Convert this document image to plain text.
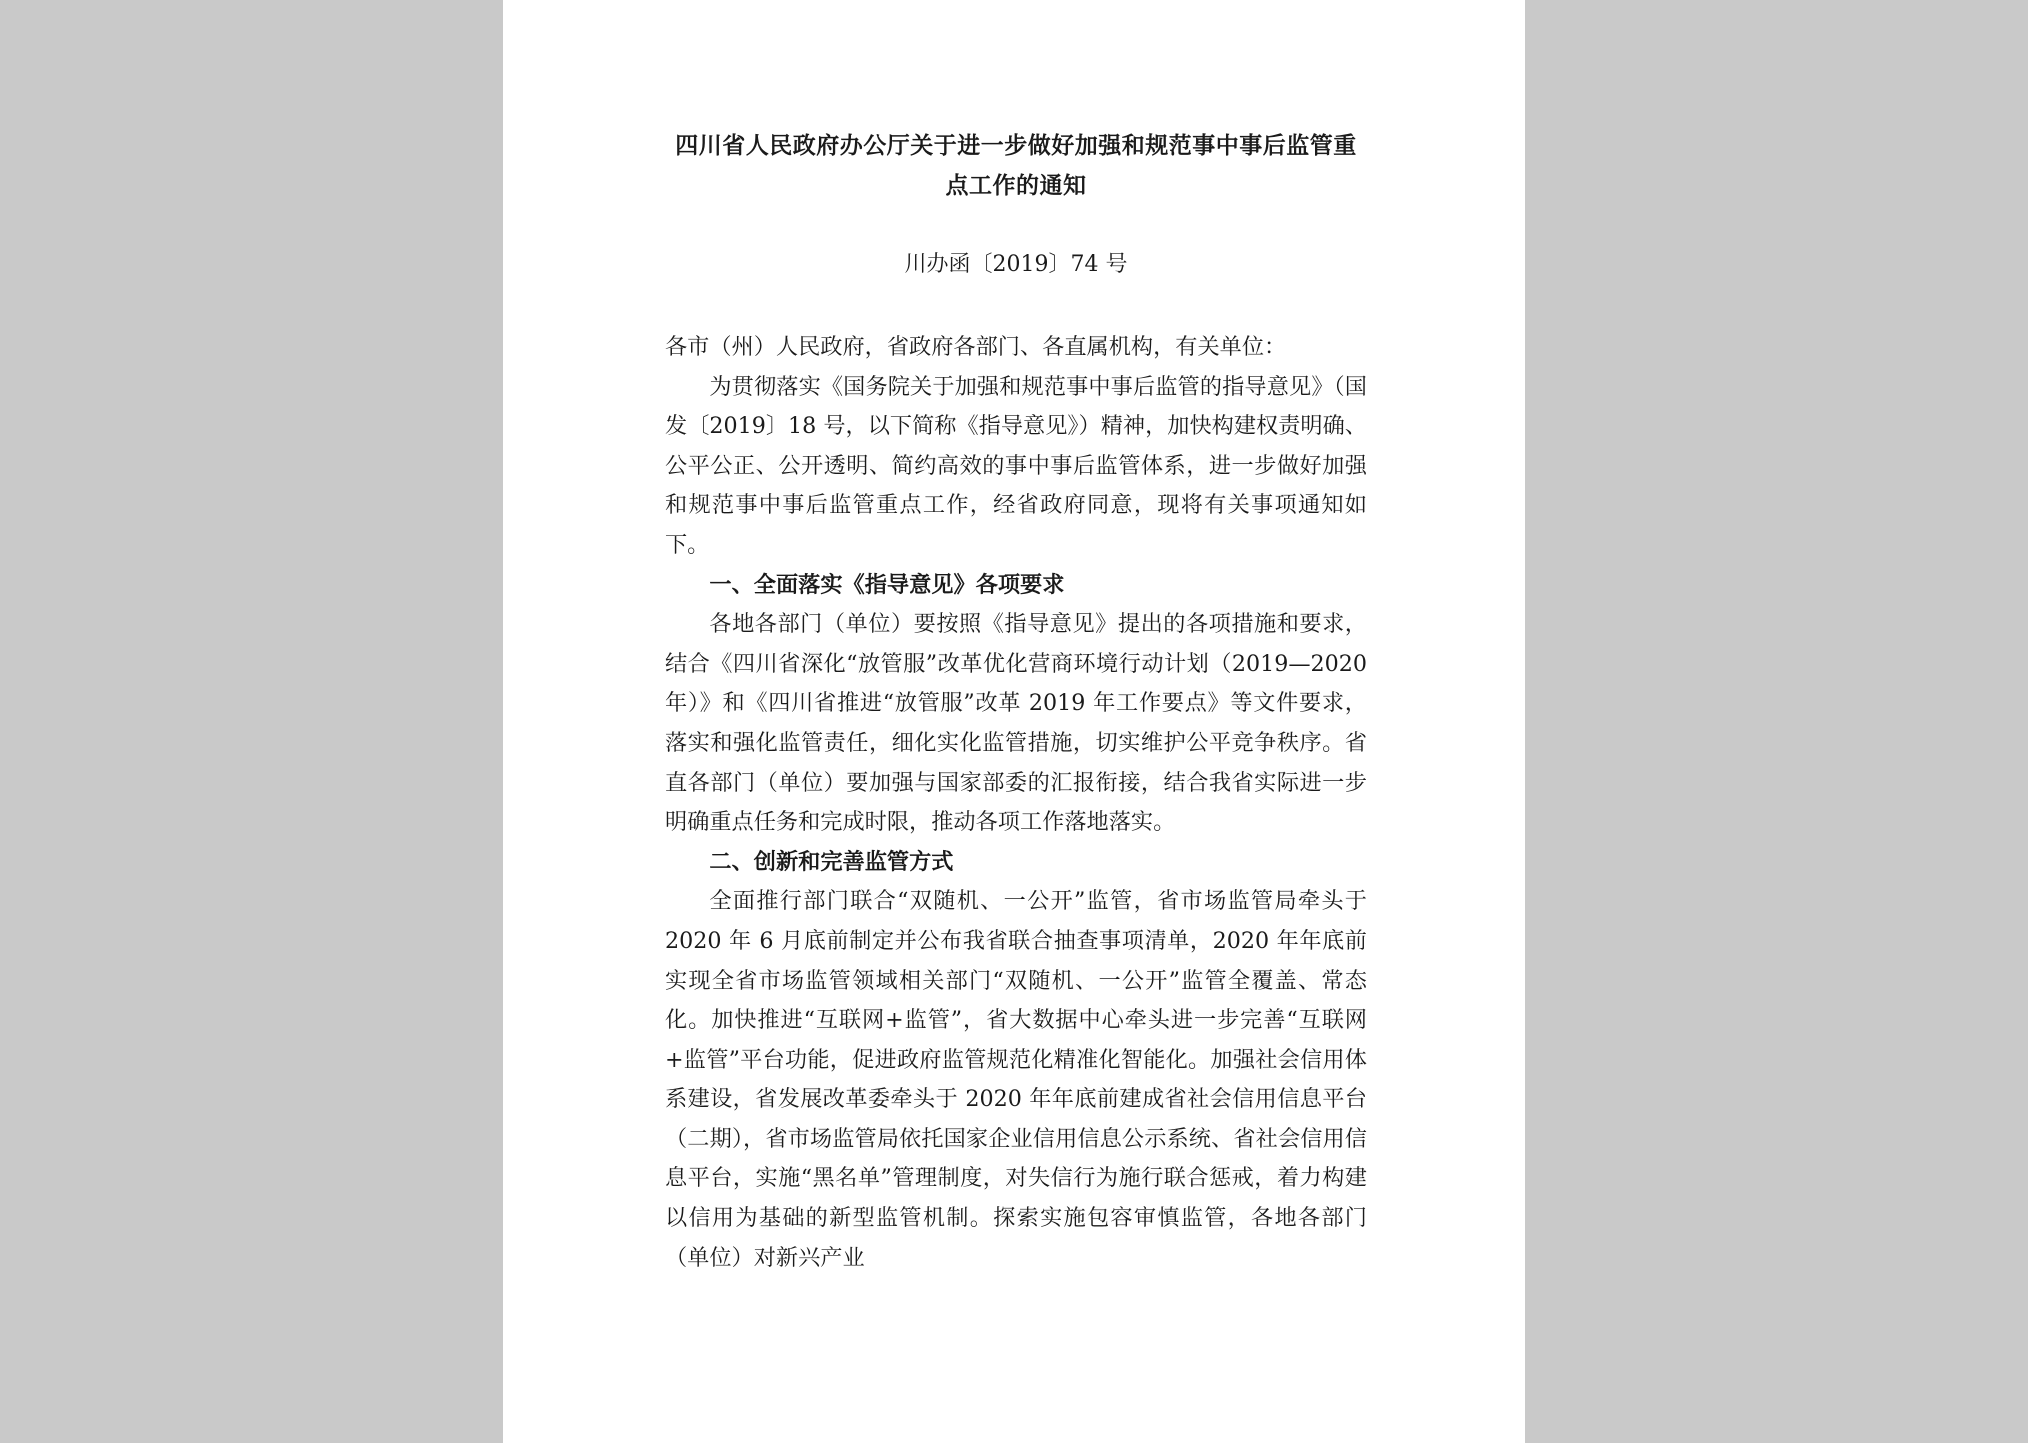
四川省人民政府办公厅关于进一步做好加强和规范事中事后监管重点工作的通知
川办函〔2019〕74 号

各市（州）人民政府，省政府各部门、各直属机构，有关单位：

为贯彻落实《国务院关于加强和规范事中事后监管的指导意见》（国发〔2019〕18 号，以下简称《指导意见》）精神，加快构建权责明确、公平公正、公开透明、简约高效的事中事后监管体系，进一步做好加强和规范事中事后监管重点工作，经省政府同意，现将有关事项通知如下。

一、全面落实《指导意见》各项要求

各地各部门（单位）要按照《指导意见》提出的各项措施和要求，结合《四川省深化“放管服”改革优化营商环境行动计划（2019—2020 年）》和《四川省推进“放管服”改革 2019 年工作要点》等文件要求，落实和强化监管责任，细化实化监管措施，切实维护公平竞争秩序。省直各部门（单位）要加强与国家部委的汇报衔接，结合我省实际进一步明确重点任务和完成时限，推动各项工作落地落实。

二、创新和完善监管方式

全面推行部门联合“双随机、一公开”监管，省市场监管局牵头于 2020 年 6 月底前制定并公布我省联合抽查事项清单，2020 年年底前实现全省市场监管领域相关部门“双随机、一公开”监管全覆盖、常态化。加快推进“互联网+监管”，省大数据中心牵头进一步完善“互联网+监管”平台功能，促进政府监管规范化精准化智能化。加强社会信用体系建设，省发展改革委牵头于 2020 年年底前建成省社会信用信息平台（二期），省市场监管局依托国家企业信用信息公示系统、省社会信用信息平台，实施“黑名单”管理制度，对失信行为施行联合惩戒，着力构建以信用为基础的新型监管机制。探索实施包容审慎监管，各地各部门（单位）对新兴产业
